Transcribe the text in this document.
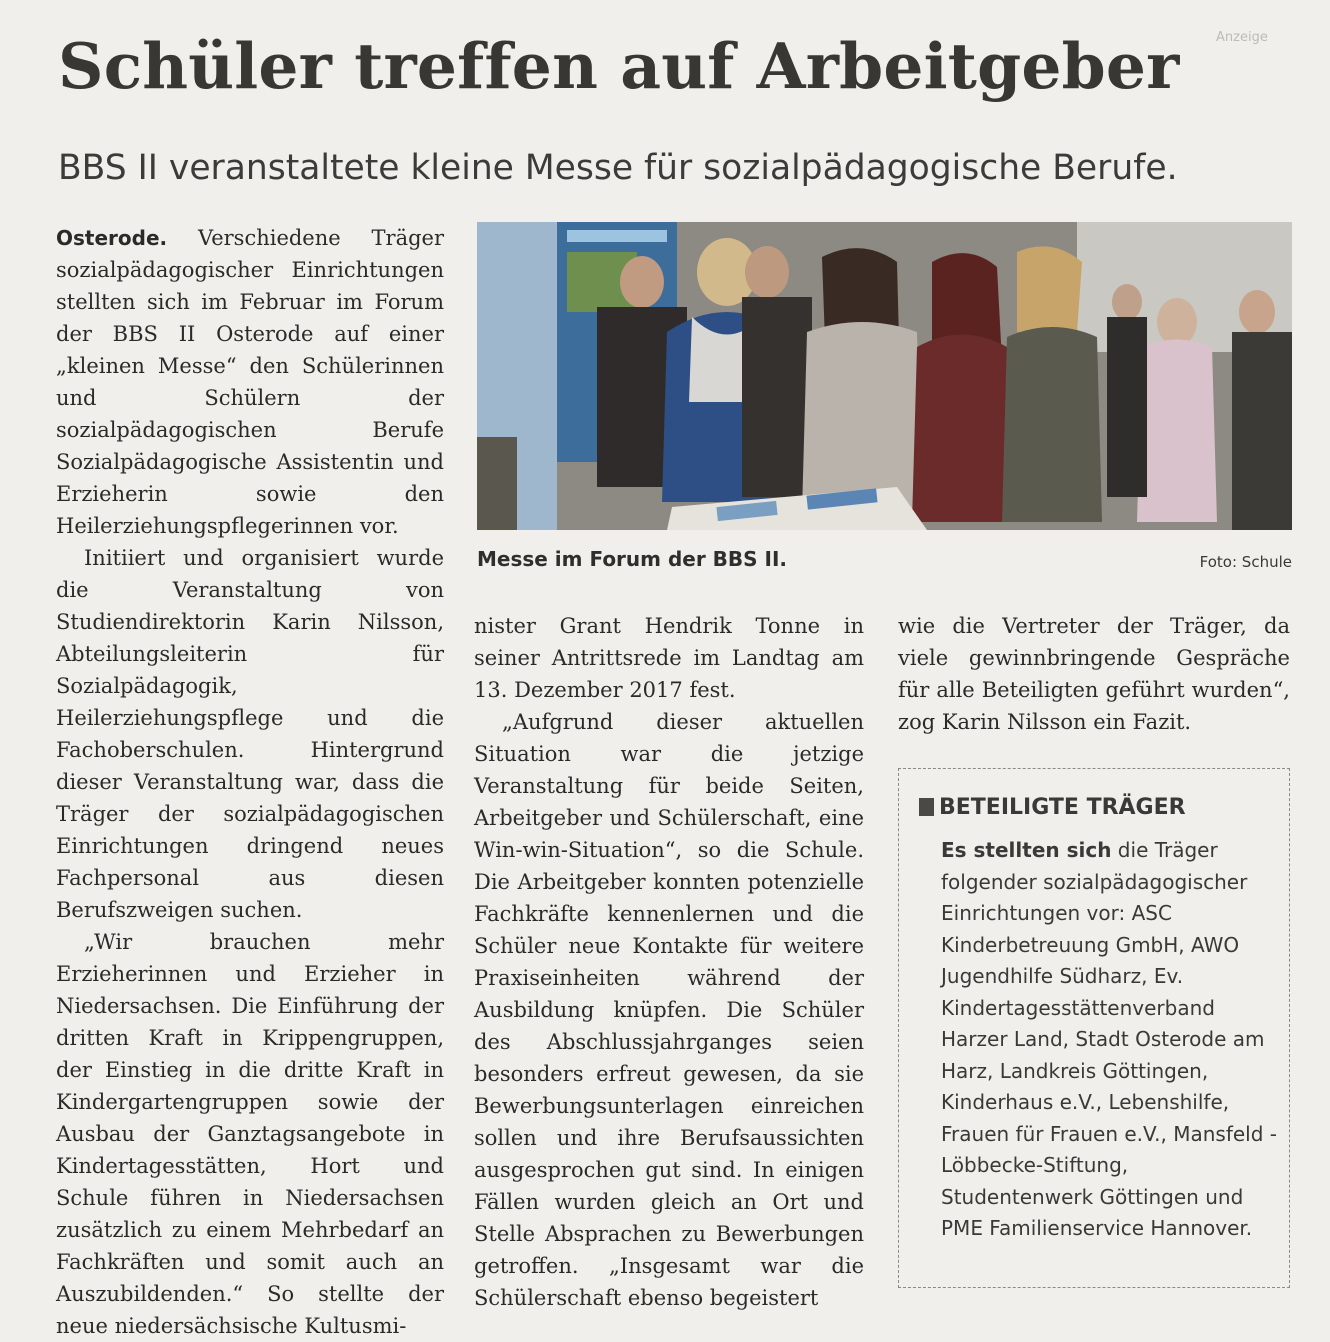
Anzeige
Schüler treffen auf Arbeitgeber
BBS II veranstaltete kleine Messe für sozialpädagogische Berufe.

Osterode. Verschiedene Träger sozialpädagogischer Einrichtungen stellten sich im Februar im Forum der BBS II Osterode auf einer „kleinen Messe“ den Schülerinnen und Schülern der sozialpädagogischen Berufe Sozialpädagogische Assistentin und Erzieherin sowie den Heilerziehungspflegerinnen vor.

Initiiert und organisiert wurde die Veranstaltung von Studiendirektorin Karin Nilsson, Abteilungsleiterin für Sozialpädagogik, Heilerziehungspflege und die Fachoberschulen. Hintergrund dieser Veranstaltung war, dass die Träger der sozialpädagogischen Einrichtungen dringend neues Fachpersonal aus diesen Berufszweigen suchen.

„Wir brauchen mehr Erzieherinnen und Erzieher in Niedersachsen. Die Einführung der dritten Kraft in Krippengruppen, der Einstieg in die dritte Kraft in Kindergartengruppen sowie der Ausbau der Ganztagsangebote in Kindertagesstätten, Hort und Schule führen in Niedersachsen zusätzlich zu einem Mehrbedarf an Fachkräften und somit auch an Auszubildenden.“ So stellte der neue niedersächsische Kultusmi-

Messe im Forum der BBS II.	Foto: Schule

nister Grant Hendrik Tonne in seiner Antrittsrede im Landtag am 13. Dezember 2017 fest.

„Aufgrund dieser aktuellen Situation war die jetzige Veranstaltung für beide Seiten, Arbeitgeber und Schülerschaft, eine Win-win-Situation“, so die Schule. Die Arbeitgeber konnten potenzielle Fachkräfte kennenlernen und die Schüler neue Kontakte für weitere Praxiseinheiten während der Ausbildung knüpfen. Die Schüler des Abschlussjahrganges seien besonders erfreut gewesen, da sie Bewerbungsunterlagen einreichen sollen und ihre Berufsaussichten ausgesprochen gut sind. In einigen Fällen wurden gleich an Ort und Stelle Absprachen zu Bewerbungen getroffen. „Insgesamt war die Schülerschaft ebenso begeistert

wie die Vertreter der Träger, da viele gewinnbringende Gespräche für alle Beteiligten geführt wurden“, zog Karin Nilsson ein Fazit.

BETEILIGTE TRÄGER

Es stellten sich die Träger folgender sozialpädagogischer Einrichtungen vor: ASC Kinderbetreuung GmbH, AWO Jugendhilfe Südharz, Ev. Kindertagesstättenverband Harzer Land, Stadt Osterode am Harz, Landkreis Göttingen, Kinderhaus e.V., Lebenshilfe, Frauen für Frauen e.V., Mansfeld - Löbbecke-Stiftung, Studentenwerk Göttingen und PME Familienservice Hannover.
